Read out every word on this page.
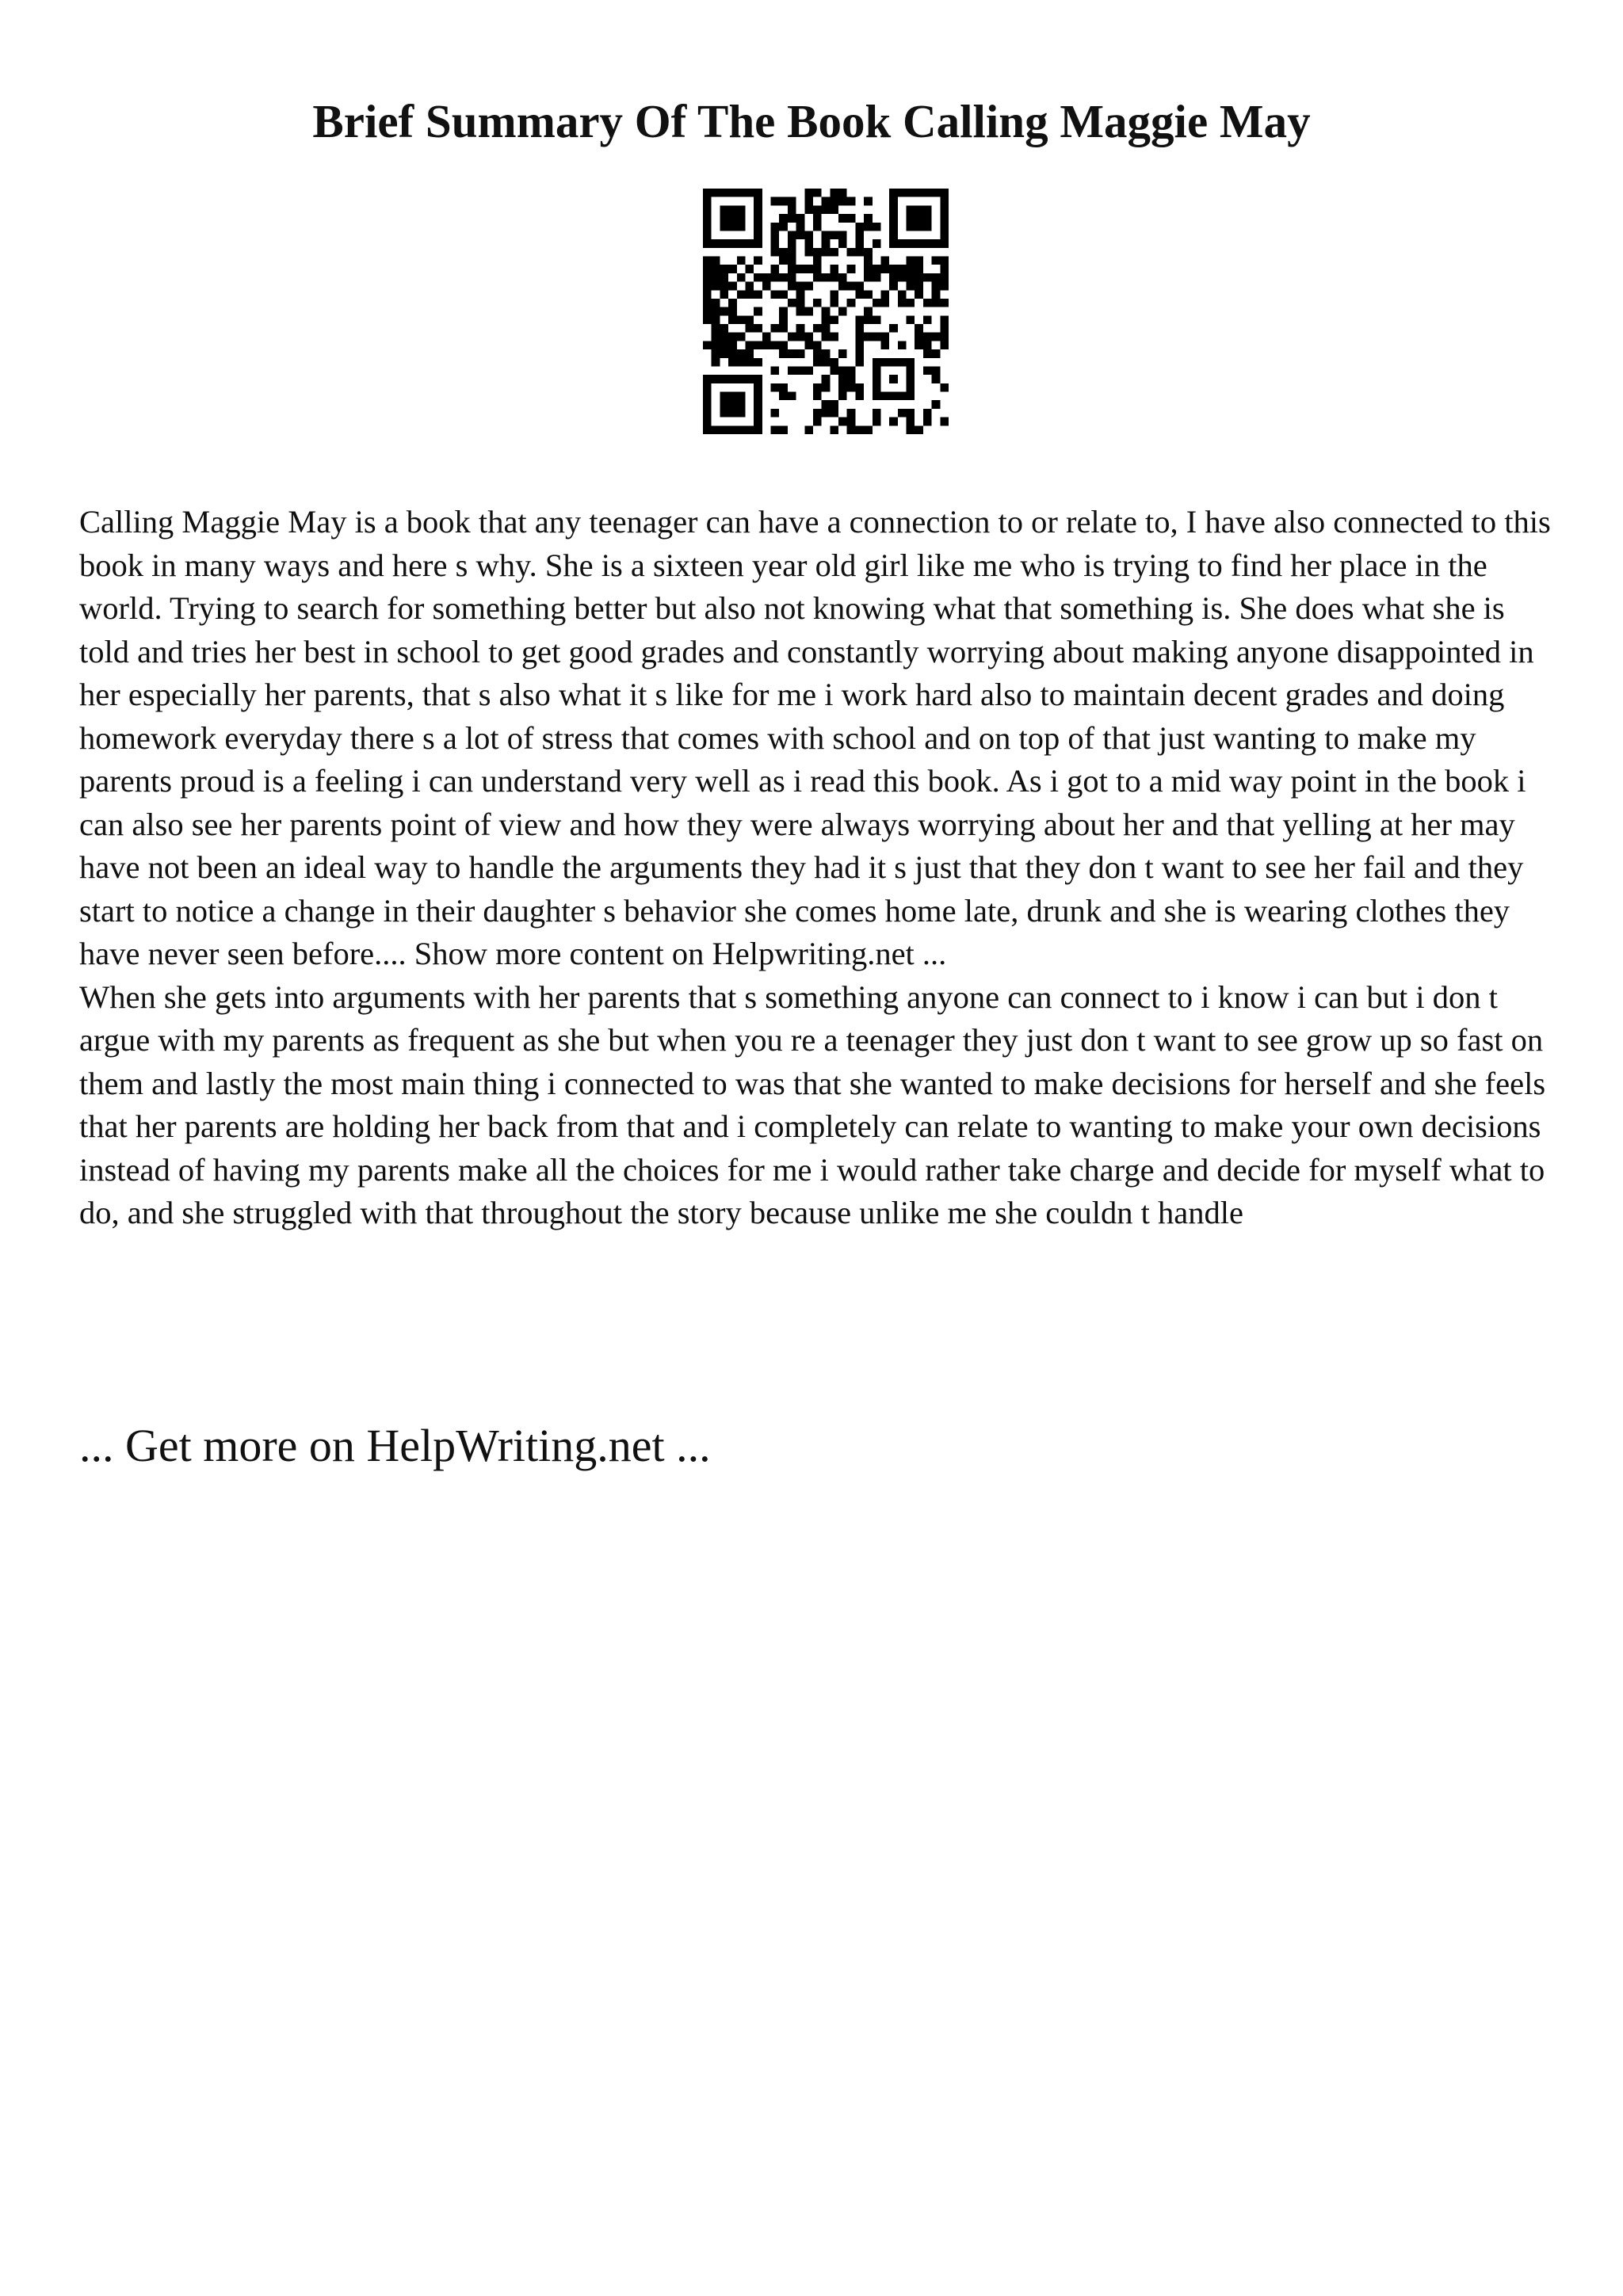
Brief Summary Of The Book Calling Maggie May

Calling Maggie May is a book that any teenager can have a connection to or relate to, I have also connected to this book in many ways and here s why. She is a sixteen year old girl like me who is trying to find her place in the world. Trying to search for something better but also not knowing what that something is. She does what she is told and tries her best in school to get good grades and constantly worrying about making anyone disappointed in her especially her parents, that s also what it s like for me i work hard also to maintain decent grades and doing homework everyday there s a lot of stress that comes with school and on top of that just wanting to make my parents proud is a feeling i can understand very well as i read this book. As i got to a mid way point in the book i can also see her parents point of view and how they were always worrying about her and that yelling at her may have not been an ideal way to handle the arguments they had it s just that they don t want to see her fail and they start to notice a change in their daughter s behavior she comes home late, drunk and she is wearing clothes they have never seen before.... Show more content on Helpwriting.net ...

When she gets into arguments with her parents that s something anyone can connect to i know i can but i don t argue with my parents as frequent as she but when you re a teenager they just don t want to see grow up so fast on them and lastly the most main thing i connected to was that she wanted to make decisions for herself and she feels that her parents are holding her back from that and i completely can relate to wanting to make your own decisions instead of having my parents make all the choices for me i would rather take charge and decide for myself what to do, and she struggled with that throughout the story because unlike me she couldn t handle

... Get more on HelpWriting.net ...
